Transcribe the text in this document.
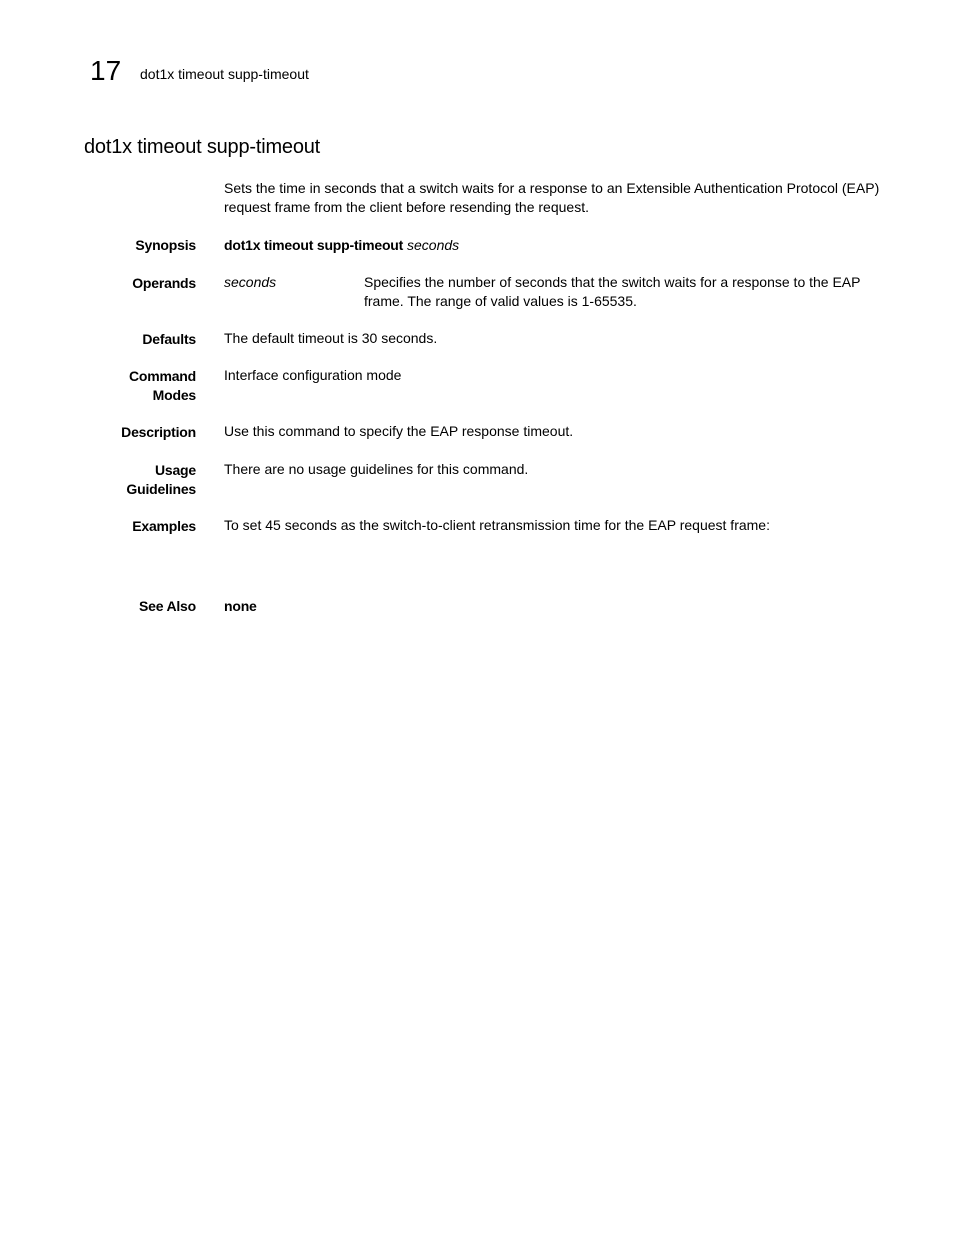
17 dot1x timeout supp-timeout
dot1x timeout supp-timeout
Sets the time in seconds that a switch waits for a response to an Extensible Authentication Protocol (EAP) request frame from the client before resending the request.
Synopsis dot1x timeout supp-timeout seconds
Operands seconds	Specifies the number of seconds that the switch waits for a response to the EAP frame. The range of valid values is 1-65535.
Defaults The default timeout is 30 seconds.
Command
Modes
Interface configuration mode
Description Use this command to specify the EAP response timeout.
Usage
Guidelines
There are no usage guidelines for this command.
Examples To set 45 seconds as the switch-to-client retransmission time for the EAP request frame:
See Also none
